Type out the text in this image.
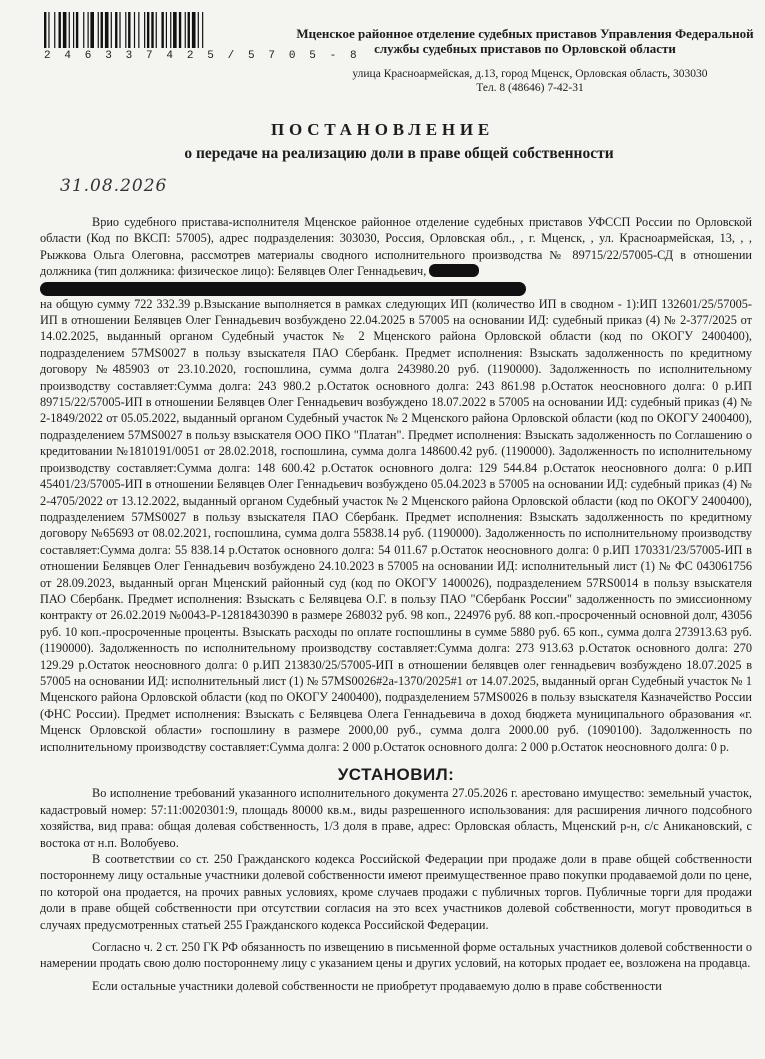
2 4 6 3 3 7 4 2 5 / 5 7 0 5 - 8
Мценское районное отделение судебных приставов Управления Федеральной
службы судебных приставов по Орловской области
улица Красноармейская, д.13, город Мценск, Орловская область, 303030
Тел. 8 (48646) 7-42-31
ПОСТАНОВЛЕНИЕ
о передаче на реализацию доли в праве общей собственности
31.08.2026

Врио судебного пристава-исполнителя Мценское районное отделение судебных приставов УФССП России по Орловской области (Код по ВКСП: 57005), адрес подразделения: 303030, Россия, Орловская обл., , г. Мценск, , ул. Красноармейская, 13, , , Рыжкова Ольга Олеговна, рассмотрев материалы сводного исполнительного производства № 89715/22/57005-СД в отношении должника (тип должника: физическое лицо): Белявцев Олег Геннадьевич,
на общую сумму 722 332.39 р.Взыскание выполняется в рамках следующих ИП (количество ИП в сводном - 1):ИП 132601/25/57005-ИП в отношении Белявцев Олег Геннадьевич возбуждено 22.04.2025 в 57005 на основании ИД: судебный приказ (4) № 2-377/2025 от 14.02.2025, выданный органом Судебный участок № 2 Мценского района Орловской области (код по ОКОГУ 2400400), подразделением 57MS0027 в пользу взыскателя ПАО Сбербанк. Предмет исполнения: Взыскать задолженность по кредитному договору №485903 от 23.10.2020, госпошлина, сумма долга 243980.20 руб. (1190000). Задолженность по исполнительному производству составляет:Сумма долга: 243 980.2 р.Остаток основного долга: 243 861.98 р.Остаток неосновного долга: 0 р.ИП 89715/22/57005-ИП в отношении Белявцев Олег Геннадьевич возбуждено 18.07.2022 в 57005 на основании ИД: судебный приказ (4) № 2-1849/2022 от 05.05.2022, выданный органом Судебный участок № 2 Мценского района Орловской области (код по ОКОГУ 2400400), подразделением 57MS0027 в пользу взыскателя ООО ПКО "Платан". Предмет исполнения: Взыскать задолженность по Соглашению о кредитовании №1810191/0051 от 28.02.2018, госпошлина, сумма долга 148600.42 руб. (1190000). Задолженность по исполнительному производству составляет:Сумма долга: 148 600.42 р.Остаток основного долга: 129 544.84 р.Остаток неосновного долга: 0 р.ИП 45401/23/57005-ИП в отношении Белявцев Олег Геннадьевич возбуждено 05.04.2023 в 57005 на основании ИД: судебный приказ (4) № 2-4705/2022 от 13.12.2022, выданный органом Судебный участок № 2 Мценского района Орловской области (код по ОКОГУ 2400400), подразделением 57MS0027 в пользу взыскателя ПАО Сбербанк. Предмет исполнения: Взыскать задолженность по кредитному договору №65693 от 08.02.2021, госпошлина, сумма долга 55838.14 руб. (1190000). Задолженность по исполнительному производству составляет:Сумма долга: 55 838.14 р.Остаток основного долга: 54 011.67 р.Остаток неосновного долга: 0 р.ИП 170331/23/57005-ИП в отношении Белявцев Олег Геннадьевич возбуждено 24.10.2023 в 57005 на основании ИД: исполнительный лист (1) № ФС 043061756 от 28.09.2023, выданный орган Мценский районный суд (код по ОКОГУ 1400026), подразделением 57RS0014 в пользу взыскателя ПАО Сбербанк. Предмет исполнения: Взыскать с Белявцева О.Г. в пользу ПАО "Сбербанк России" задолженность по эмиссионному контракту от 26.02.2019 №0043-Р-12818430390 в размере 268032 руб. 98 коп., 224976 руб. 88 коп.-просроченный основной долг, 43056 руб. 10 коп.-просроченные проценты. Взыскать расходы по оплате госпошлины в сумме 5880 руб. 65 коп., сумма долга 273913.63 руб. (1190000). Задолженность по исполнительному производству составляет:Сумма долга: 273 913.63 р.Остаток основного долга: 270 129.29 р.Остаток неосновного долга: 0 р.ИП 213830/25/57005-ИП в отношении белявцев олег геннадьевич возбуждено 18.07.2025 в 57005 на основании ИД: исполнительный лист (1) № 57MS0026#2а-1370/2025#1 от 14.07.2025, выданный орган Судебный участок № 1 Мценского района Орловской области (код по ОКОГУ 2400400), подразделением 57MS0026 в пользу взыскателя Казначейство России (ФНС России). Предмет исполнения: Взыскать с Белявцева Олега Геннадьевича в доход бюджета муниципального образования «г. Мценск Орловской области» госпошлину в размере 2000,00 руб., сумма долга 2000.00 руб. (1090100). Задолженность по исполнительному производству составляет:Сумма долга: 2 000 р.Остаток основного долга: 2 000 р.Остаток неосновного долга: 0 р.

УСТАНОВИЛ:

Во исполнение требований указанного исполнительного документа 27.05.2026 г. арестовано имущество: земельный участок, кадастровый номер: 57:11:0020301:9, площадь 80000 кв.м., виды разрешенного использования: для расширения личного подсобного хозяйства, вид права: общая долевая собственность, 1/3 доля в праве, адрес: Орловская область, Мценский р-н, с/с Аникановский, с востока от н.п. Волобуево.

В соответствии со ст. 250 Гражданского кодекса Российской Федерации при продаже доли в праве общей собственности постороннему лицу остальные участники долевой собственности имеют преимущественное право покупки продаваемой доли по цене, по которой она продается, на прочих равных условиях, кроме случаев продажи с публичных торгов. Публичные торги для продажи доли в праве общей собственности при отсутствии согласия на это всех участников долевой собственности, могут проводиться в случаях предусмотренных статьей 255 Гражданского кодекса Российской Федерации.

Согласно ч. 2 ст. 250 ГК РФ обязанность по извещению в письменной форме остальных участников долевой собственности о намерении продать свою долю постороннему лицу с указанием цены и других условий, на которых продает ее, возложена на продавца.

Если остальные участники долевой собственности не приобретут продаваемую долю в праве собственности
